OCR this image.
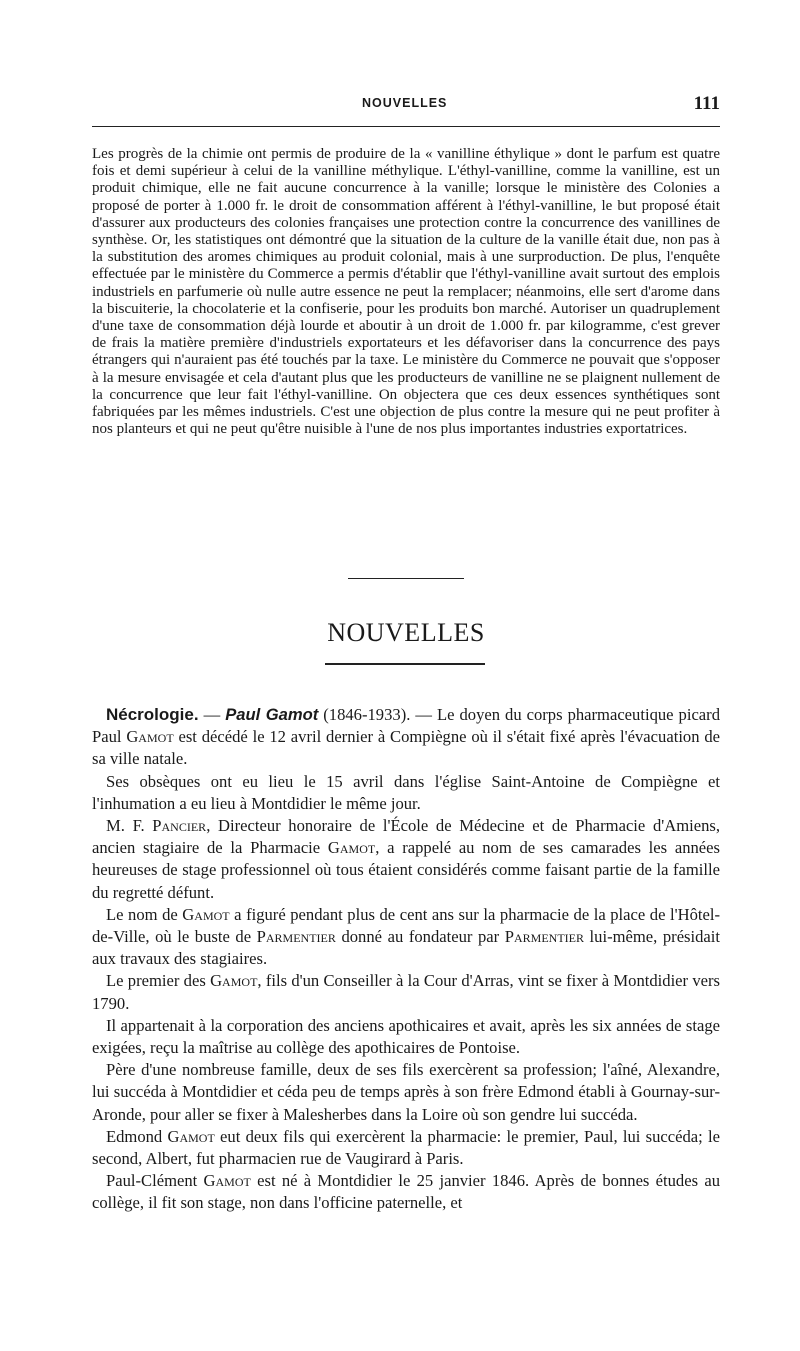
NOUVELLES	111

Les progrès de la chimie ont permis de produire de la « vanilline éthylique » dont le parfum est quatre fois et demi supérieur à celui de la vanilline méthylique. L'éthyl-vanilline, comme la vanilline, est un produit chimique, elle ne fait aucune concurrence à la vanille; lorsque le ministère des Colonies a proposé de porter à 1.000 fr. le droit de consommation afférent à l'éthyl-vanilline, le but proposé était d'assurer aux producteurs des colonies françaises une protection contre la concurrence des vanillines de synthèse. Or, les statistiques ont démontré que la situation de la culture de la vanille était due, non pas à la substitution des aromes chimiques au produit colonial, mais à une surproduction. De plus, l'enquête effectuée par le ministère du Commerce a permis d'établir que l'éthyl-vanilline avait surtout des emplois industriels en parfumerie où nulle autre essence ne peut la remplacer; néanmoins, elle sert d'arome dans la biscuiterie, la chocolaterie et la confiserie, pour les produits bon marché. Autoriser un quadruplement d'une taxe de consommation déjà lourde et aboutir à un droit de 1.000 fr. par kilogramme, c'est grever de frais la matière première d'industriels exportateurs et les défavoriser dans la concurrence des pays étrangers qui n'auraient pas été touchés par la taxe. Le ministère du Commerce ne pouvait que s'opposer à la mesure envisagée et cela d'autant plus que les producteurs de vanilline ne se plaignent nullement de la concurrence que leur fait l'éthyl-vanilline. On objectera que ces deux essences synthétiques sont fabriquées par les mêmes industriels. C'est une objection de plus contre la mesure qui ne peut profiter à nos planteurs et qui ne peut qu'être nuisible à l'une de nos plus importantes industries exportatrices.

NOUVELLES

Nécrologie. — Paul Gamot (1846-1933). — Le doyen du corps pharmaceutique picard Paul Gamot est décédé le 12 avril dernier à Compiègne où il s'était fixé après l'évacuation de sa ville natale.

Ses obsèques ont eu lieu le 15 avril dans l'église Saint-Antoine de Compiègne et l'inhumation a eu lieu à Montdidier le même jour.

M. F. Pancier, Directeur honoraire de l'École de Médecine et de Pharmacie d'Amiens, ancien stagiaire de la Pharmacie Gamot, a rappelé au nom de ses camarades les années heureuses de stage professionnel où tous étaient considérés comme faisant partie de la famille du regretté défunt.

Le nom de Gamot a figuré pendant plus de cent ans sur la pharmacie de la place de l'Hôtel-de-Ville, où le buste de Parmentier donné au fondateur par Parmentier lui-même, présidait aux travaux des stagiaires.

Le premier des Gamot, fils d'un Conseiller à la Cour d'Arras, vint se fixer à Montdidier vers 1790.

Il appartenait à la corporation des anciens apothicaires et avait, après les six années de stage exigées, reçu la maîtrise au collège des apothicaires de Pontoise.

Père d'une nombreuse famille, deux de ses fils exercèrent sa profession; l'aîné, Alexandre, lui succéda à Montdidier et céda peu de temps après à son frère Edmond établi à Gournay-sur-Aronde, pour aller se fixer à Malesherbes dans la Loire où son gendre lui succéda.

Edmond Gamot eut deux fils qui exercèrent la pharmacie: le premier, Paul, lui succéda; le second, Albert, fut pharmacien rue de Vaugirard à Paris.

Paul-Clément Gamot est né à Montdidier le 25 janvier 1846. Après de bonnes études au collège, il fit son stage, non dans l'officine paternelle, et
